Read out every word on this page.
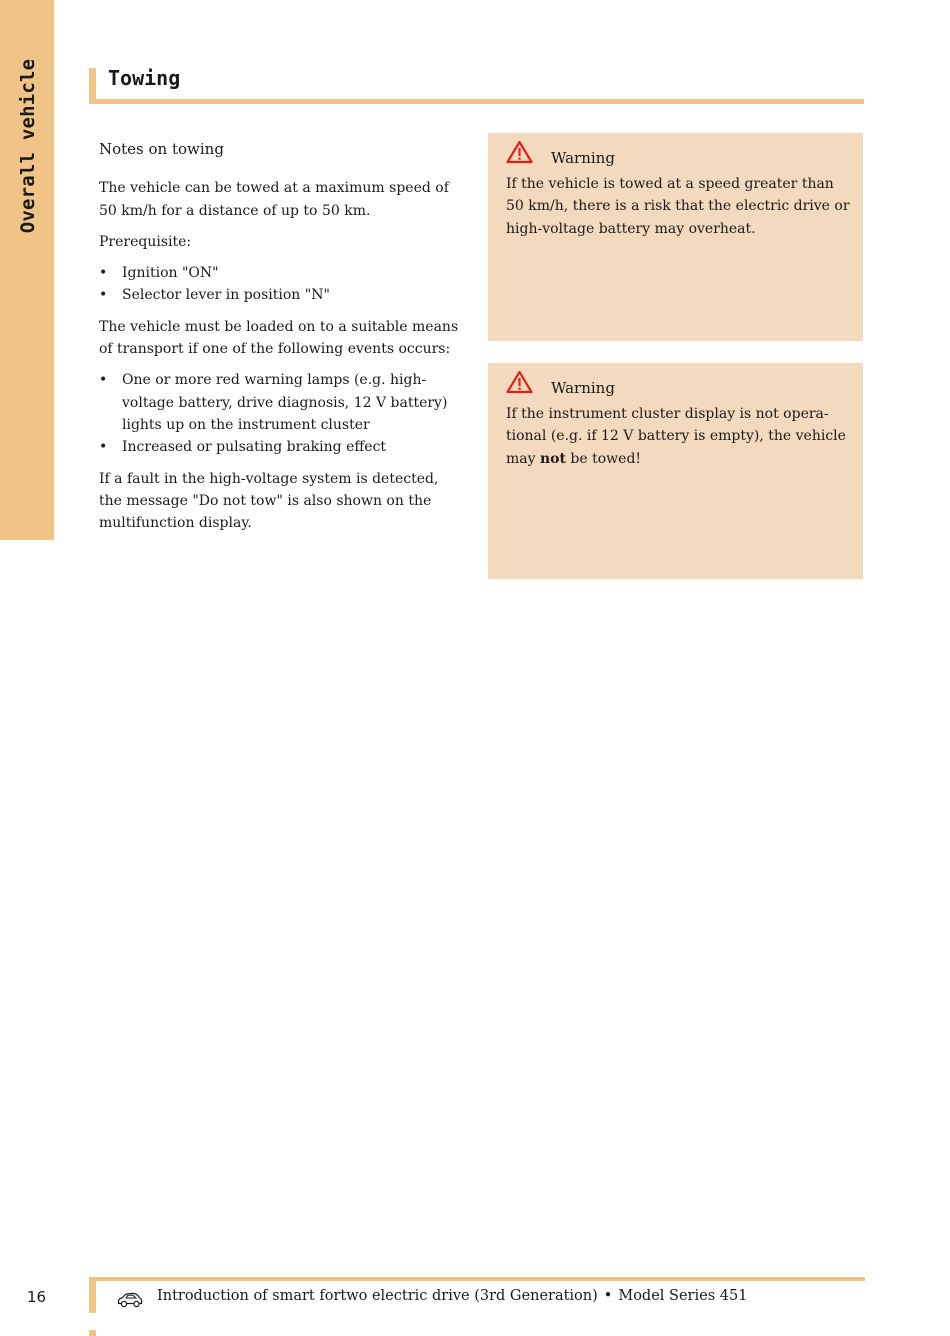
Overall vehicle	Towing

Notes on towing

The vehicle can be towed at a maximum speed of 50 km/h for a distance of up to 50 km.

Prerequisite:

• Ignition "ON"
• Selector lever in position "N"

The vehicle must be loaded on to a suitable means of transport if one of the following events occurs:

• One or more red warning lamps (e.g. high-voltage battery, drive diagnosis, 12 V battery) lights up on the instrument cluster
• Increased or pulsating braking effect

If a fault in the high-voltage system is detected, the message "Do not tow" is also shown on the multifunction display.

Warning

If the vehicle is towed at a speed greater than 50 km/h, there is a risk that the electric drive or high-voltage battery may overheat.

Warning

If the instrument cluster display is not opera-tional (e.g. if 12 V battery is empty), the vehicle may not be towed!

16	Introduction of smart fortwo electric drive (3rd Generation) • Model Series 451
